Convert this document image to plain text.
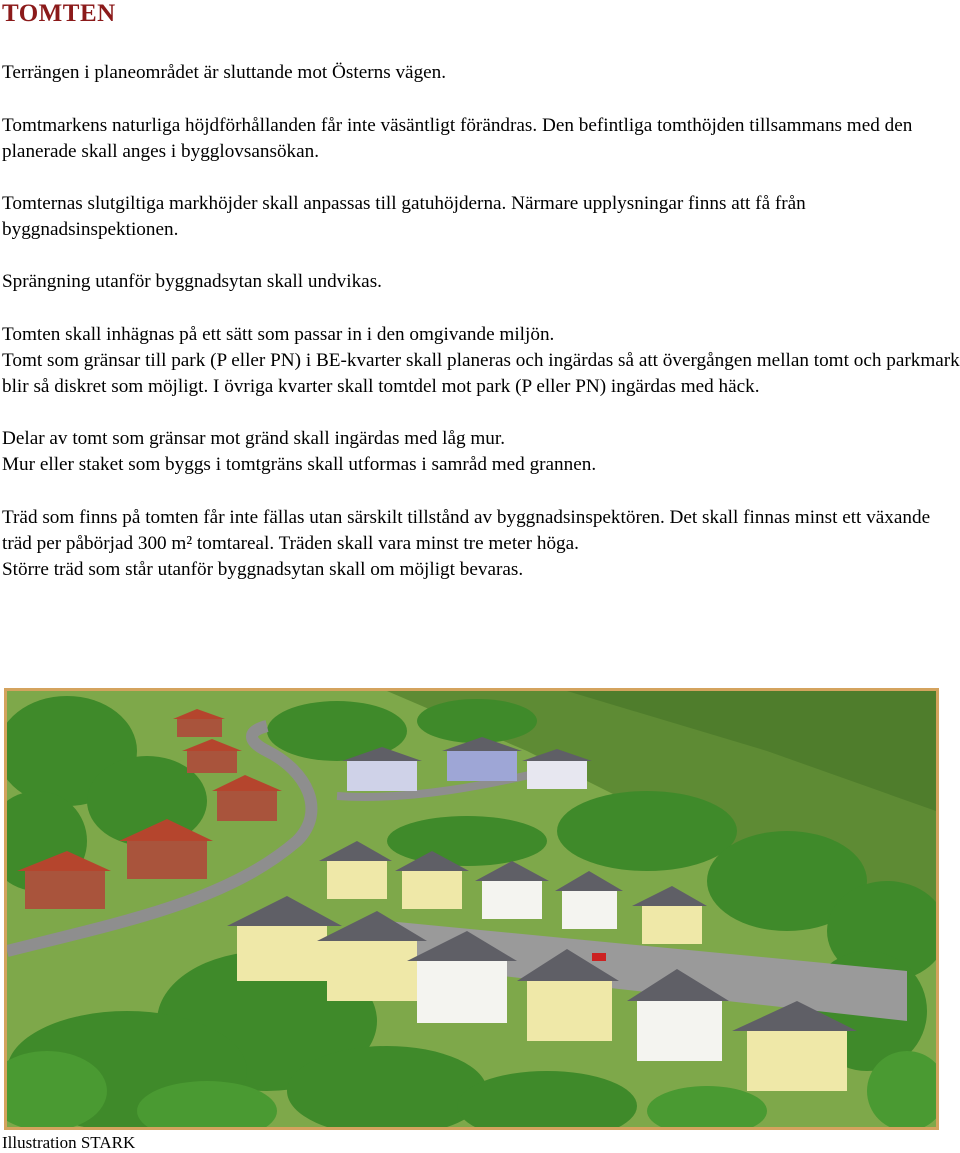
TOMTEN

Terrängen i planeområdet är sluttande mot Österns vägen.

Tomtmarkens naturliga höjdförhållanden får inte väsäntligt förändras. Den befintliga tomthöjden tillsammans med den planerade skall anges i bygglovsansökan.

Tomternas slutgiltiga markhöjder skall anpassas till gatuhöjderna. Närmare upplysningar finns att få från byggnadsinspektionen.

Sprängning utanför byggnadsytan skall undvikas.

Tomten skall inhägnas på ett sätt som passar in i den omgivande miljön.

Tomt som gränsar till park (P eller PN) i BE-kvarter skall planeras och ingärdas så att övergången mellan tomt och parkmark blir så diskret som möjligt. I övriga kvarter skall tomtdel mot park (P eller PN) ingärdas med häck.

Delar av tomt som gränsar mot gränd skall ingärdas med låg mur.

Mur eller staket som byggs i tomtgräns skall utformas i samråd med grannen.

Träd som finns på tomten får inte fällas utan särskilt tillstånd av byggnadsinspektören. Det skall finnas minst ett växande träd per påbörjad 300 m² tomtareal. Träden skall vara minst tre meter höga.

Större träd som står utanför byggnadsytan skall om möjligt bevaras.

Illustration STARK
